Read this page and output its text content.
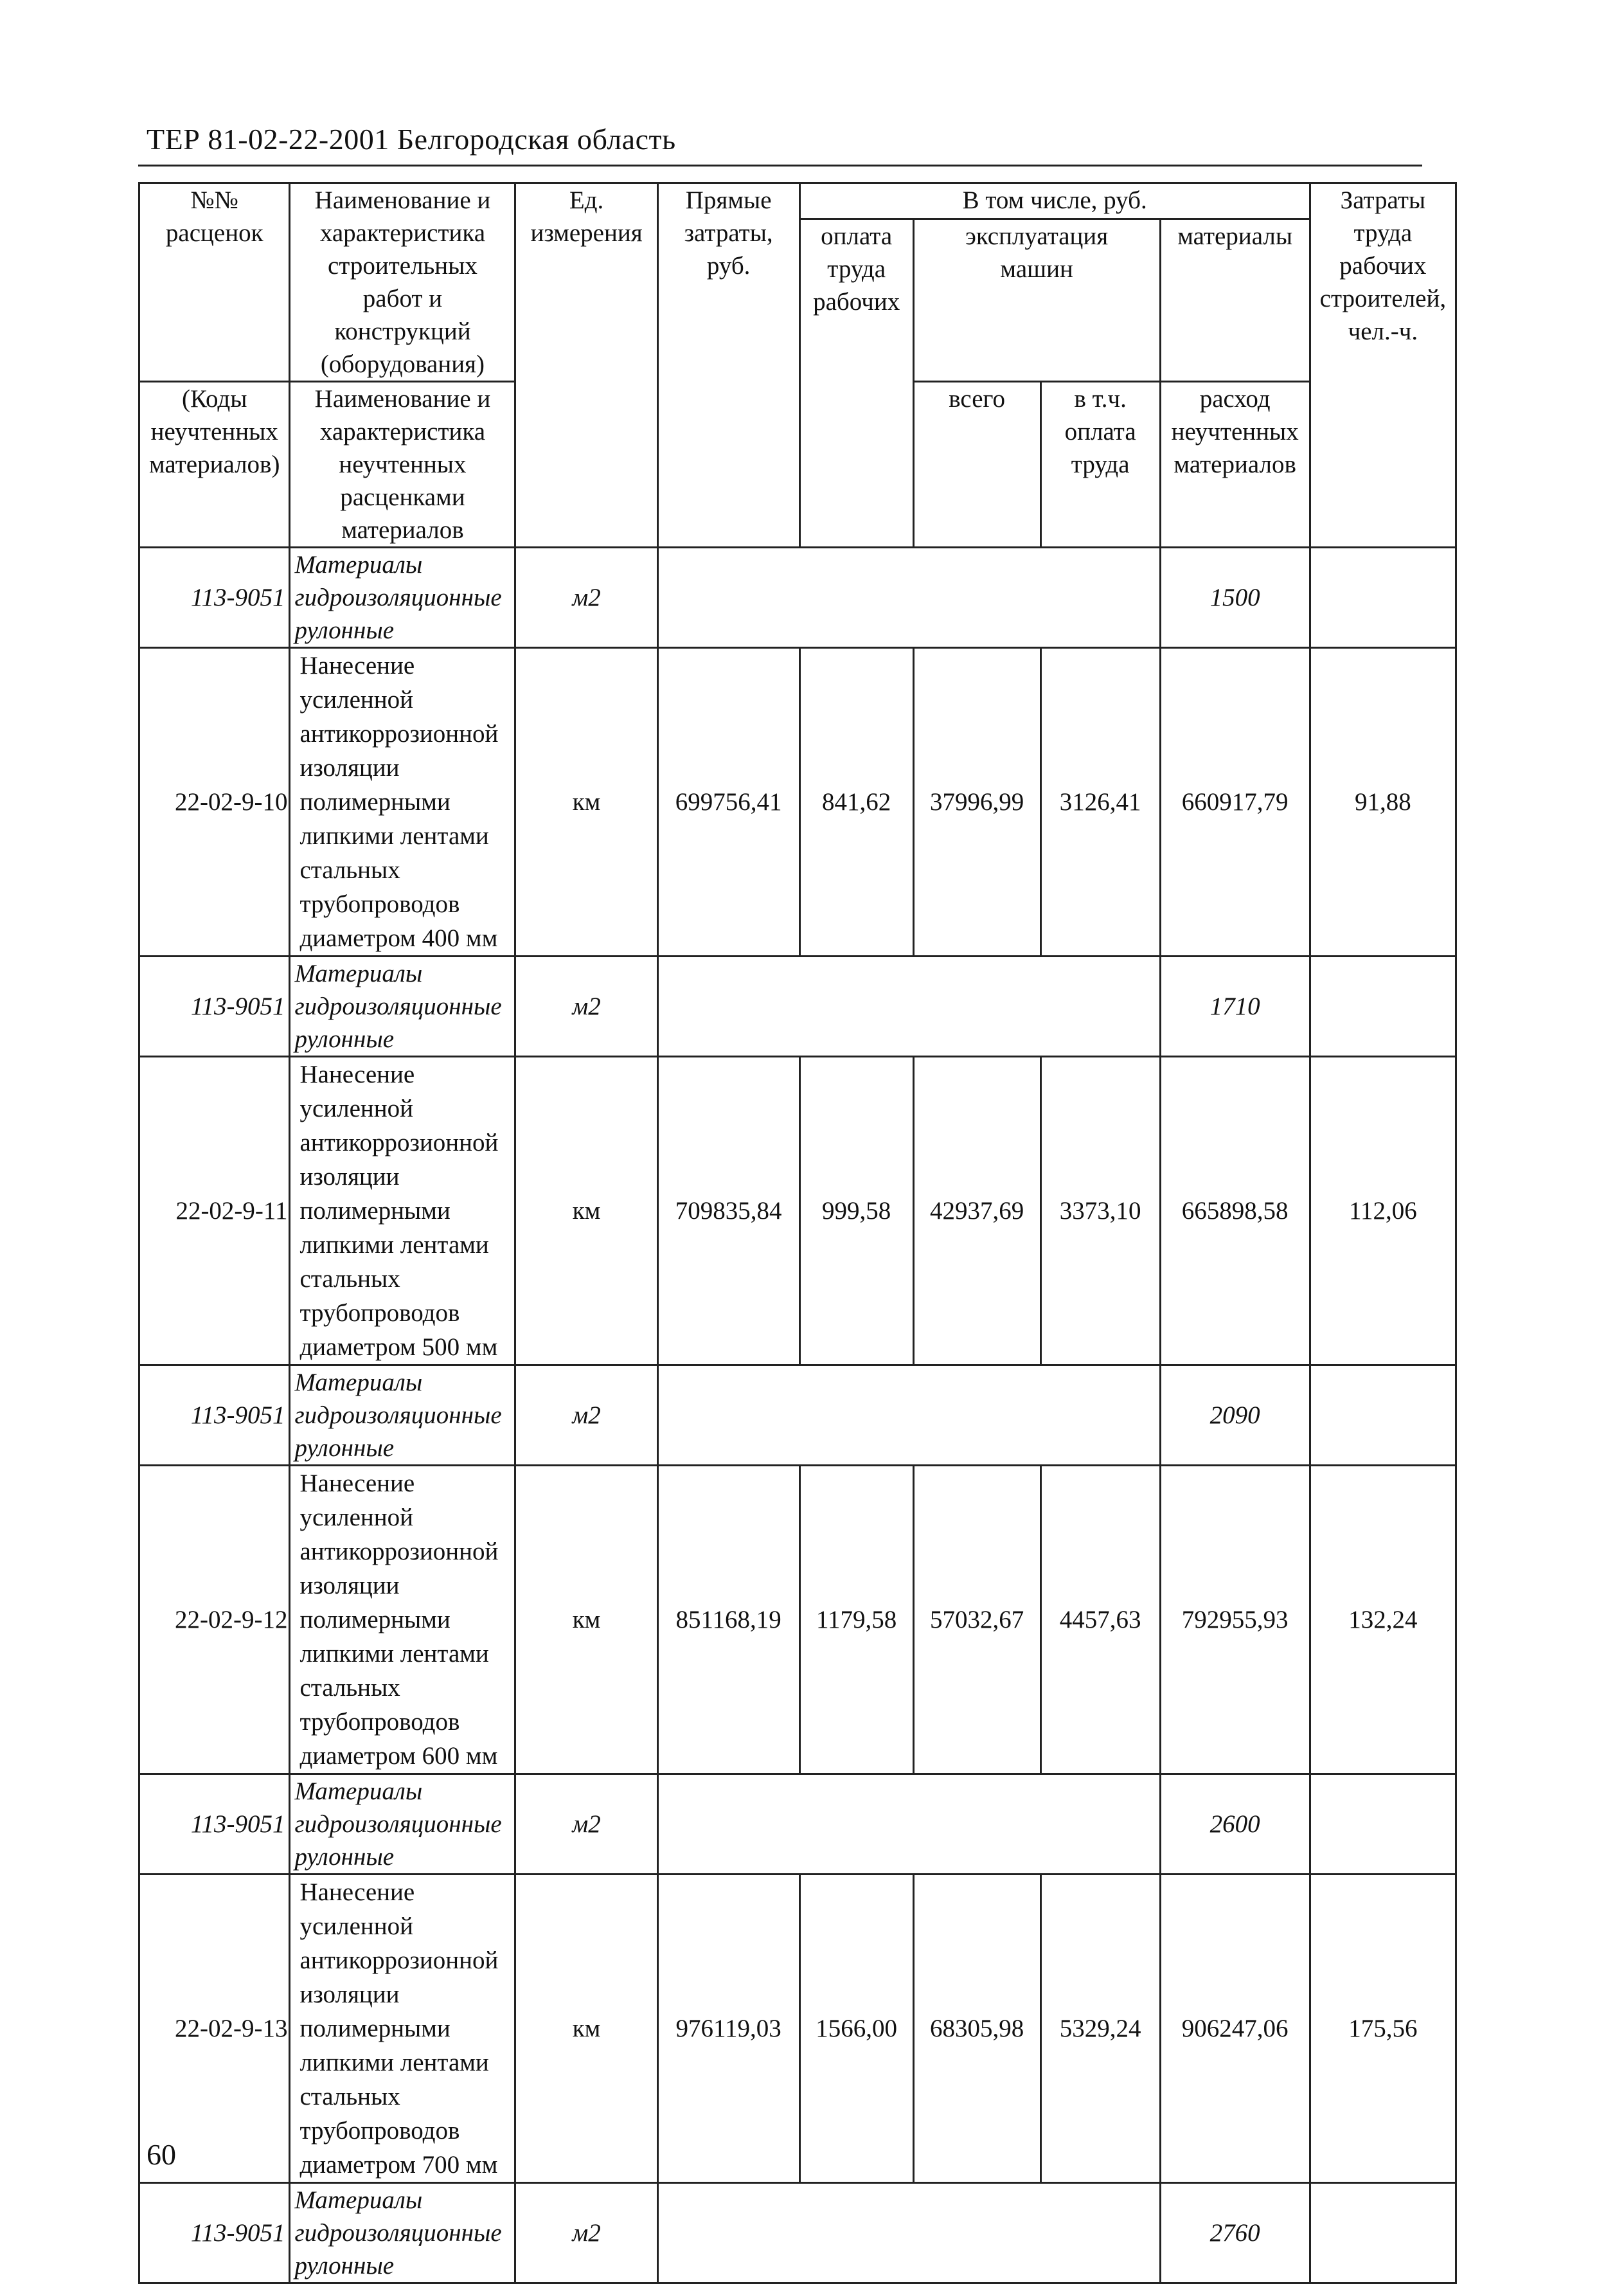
ТЕР 81-02-22-2001 Белгородская область
№№ расценок	Наименование и характеристика строительных работ и конструкций (оборудования)	Ед. измерения	Прямые затраты, руб.	В том числе, руб.				Затраты труда рабочих строителей, чел.-ч.
				оплата труда рабочих	эксплуатация машин		материалы	
(Коды неучтенных материалов)	Наименование и характеристика неучтенных расценками материалов				всего	в т.ч. оплата труда	расход неучтенных материалов	
113-9051	Материалы гидроизоляционные рулонные	м2					1500	
22-02-9-10	Нанесение усиленной антикоррозионной изоляции полимерными липкими лентами стальных трубопроводов диаметром 400 мм	км	699756,41	841,62	37996,99	3126,41	660917,79	91,88
113-9051	Материалы гидроизоляционные рулонные	м2					1710	
22-02-9-11	Нанесение усиленной антикоррозионной изоляции полимерными липкими лентами стальных трубопроводов диаметром 500 мм	км	709835,84	999,58	42937,69	3373,10	665898,58	112,06
113-9051	Материалы гидроизоляционные рулонные	м2					2090	
22-02-9-12	Нанесение усиленной антикоррозионной изоляции полимерными липкими лентами стальных трубопроводов диаметром 600 мм	км	851168,19	1179,58	57032,67	4457,63	792955,93	132,24
113-9051	Материалы гидроизоляционные рулонные	м2					2600	
22-02-9-13	Нанесение усиленной антикоррозионной изоляции полимерными липкими лентами стальных трубопроводов диаметром 700 мм	км	976119,03	1566,00	68305,98	5329,24	906247,06	175,56
113-9051	Материалы гидроизоляционные рулонные	м2					2760	
60
